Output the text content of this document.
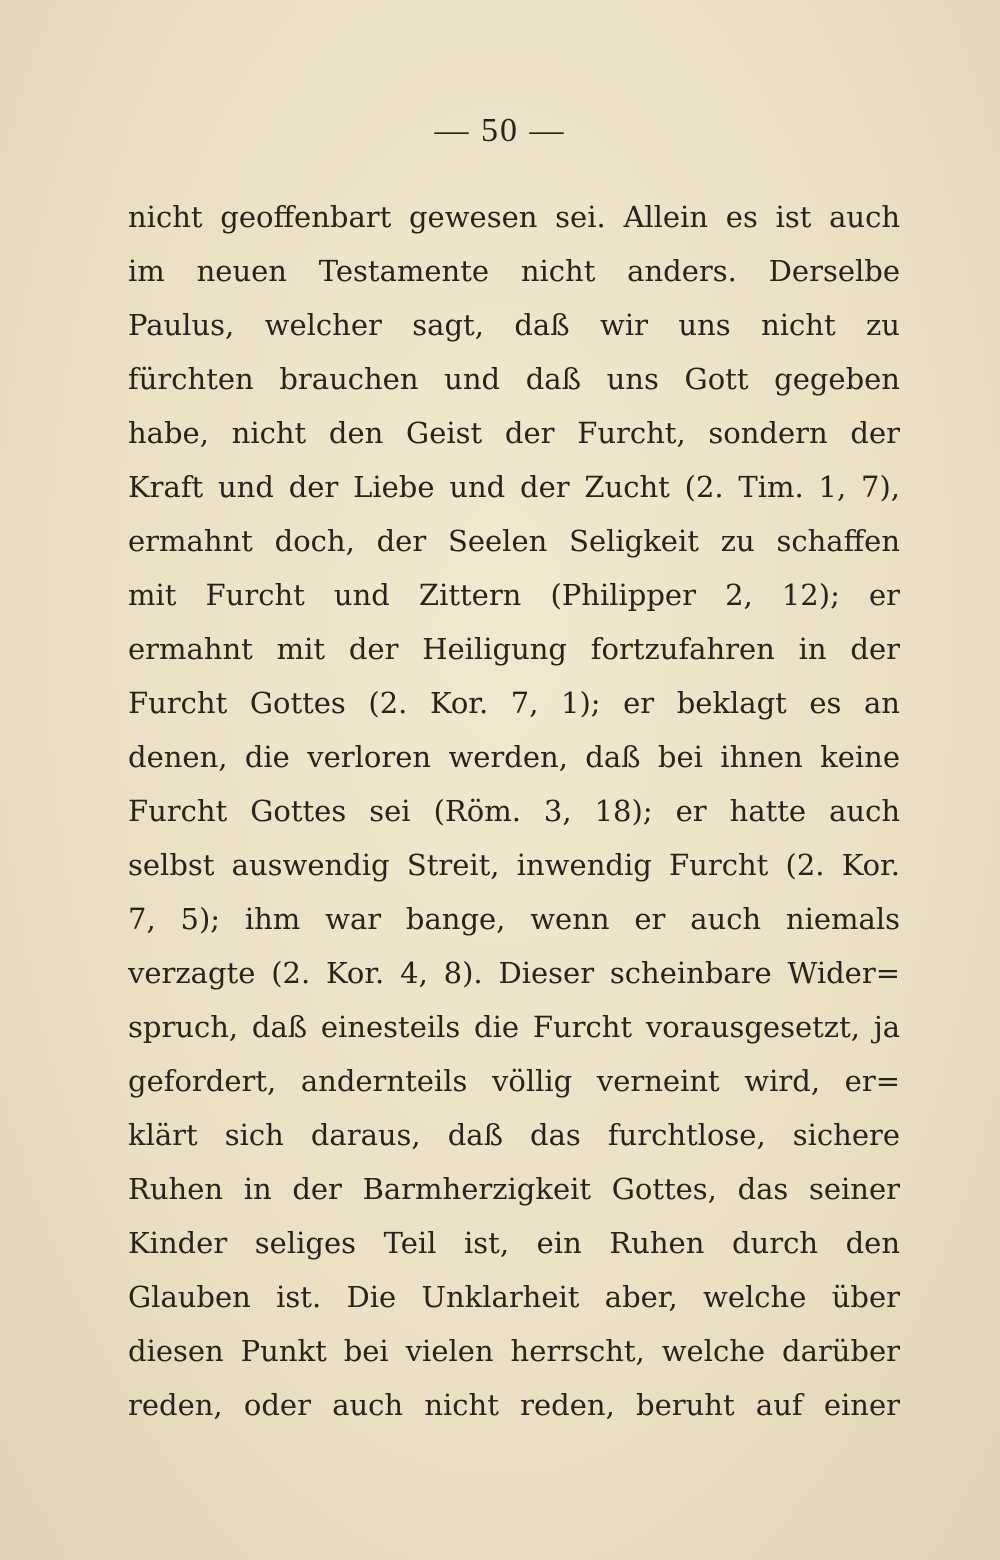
— 50 —
nicht geoffenbart gewesen sei. Allein es ist auch
im neuen Testamente nicht anders. Derselbe
Paulus, welcher sagt, daß wir uns nicht zu
fürchten brauchen und daß uns Gott gegeben
habe, nicht den Geist der Furcht, sondern der
Kraft und der Liebe und der Zucht (2. Tim. 1, 7),
ermahnt doch, der Seelen Seligkeit zu schaffen
mit Furcht und Zittern (Philipper 2, 12); er
ermahnt mit der Heiligung fortzufahren in der
Furcht Gottes (2. Kor. 7, 1); er beklagt es an
denen, die verloren werden, daß bei ihnen keine
Furcht Gottes sei (Röm. 3, 18); er hatte auch
selbst auswendig Streit, inwendig Furcht (2. Kor.
7, 5); ihm war bange, wenn er auch niemals
verzagte (2. Kor. 4, 8). Dieser scheinbare Wider=
spruch, daß einesteils die Furcht vorausgesetzt, ja
gefordert, andernteils völlig verneint wird, er=
klärt sich daraus, daß das furchtlose, sichere
Ruhen in der Barmherzigkeit Gottes, das seiner
Kinder seliges Teil ist, ein Ruhen durch den
Glauben ist. Die Unklarheit aber, welche über
diesen Punkt bei vielen herrscht, welche darüber
reden, oder auch nicht reden, beruht auf einer
